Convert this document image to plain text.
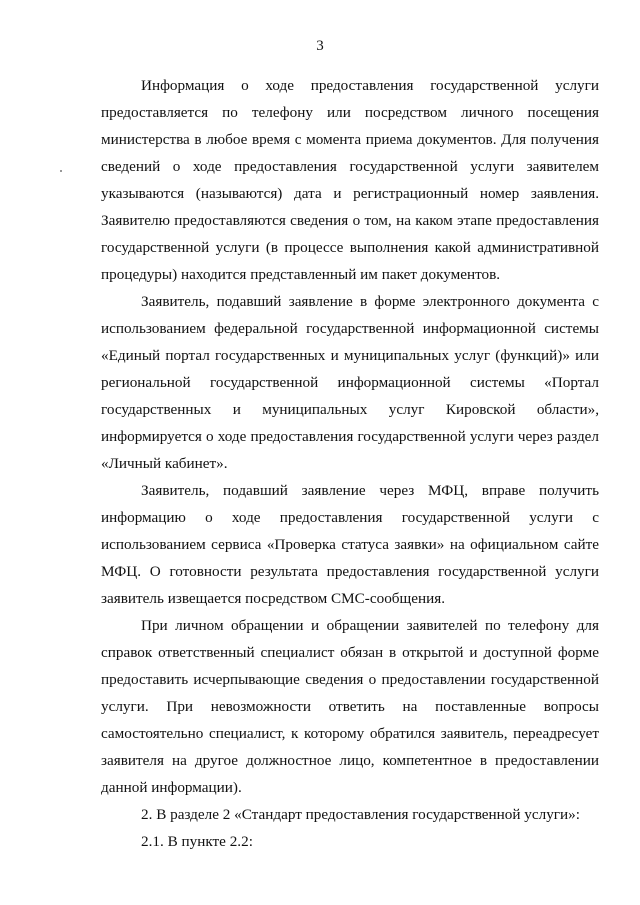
3

Информация о ходе предоставления государственной услуги предоставляется по телефону или посредством личного посещения министерства в любое время с момента приема документов. Для получения сведений о ходе предоставления государственной услуги заявителем указываются (называются) дата и регистрационный номер заявления. Заявителю предоставляются сведения о том, на каком этапе предоставления государственной услуги (в процессе выполнения какой административной процедуры) находится представленный им пакет документов.

Заявитель, подавший заявление в форме электронного документа с использованием федеральной государственной информационной системы «Единый портал государственных и муниципальных услуг (функций)» или региональной государственной информационной системы «Портал государственных и муниципальных услуг Кировской области», информируется о ходе предоставления государственной услуги через раздел «Личный кабинет».

Заявитель, подавший заявление через МФЦ, вправе получить информацию о ходе предоставления государственной услуги с использованием сервиса «Проверка статуса заявки» на официальном сайте МФЦ. О готовности результата предоставления государственной услуги заявитель извещается посредством СМС-сообщения.

При личном обращении и обращении заявителей по телефону для справок ответственный специалист обязан в открытой и доступной форме предоставить исчерпывающие сведения о предоставлении государственной услуги. При невозможности ответить на поставленные вопросы самостоятельно специалист, к которому обратился заявитель, переадресует заявителя на другое должностное лицо, компетентное в предоставлении данной информации).

2. В разделе 2 «Стандарт предоставления государственной услуги»:

2.1. В пункте 2.2:
